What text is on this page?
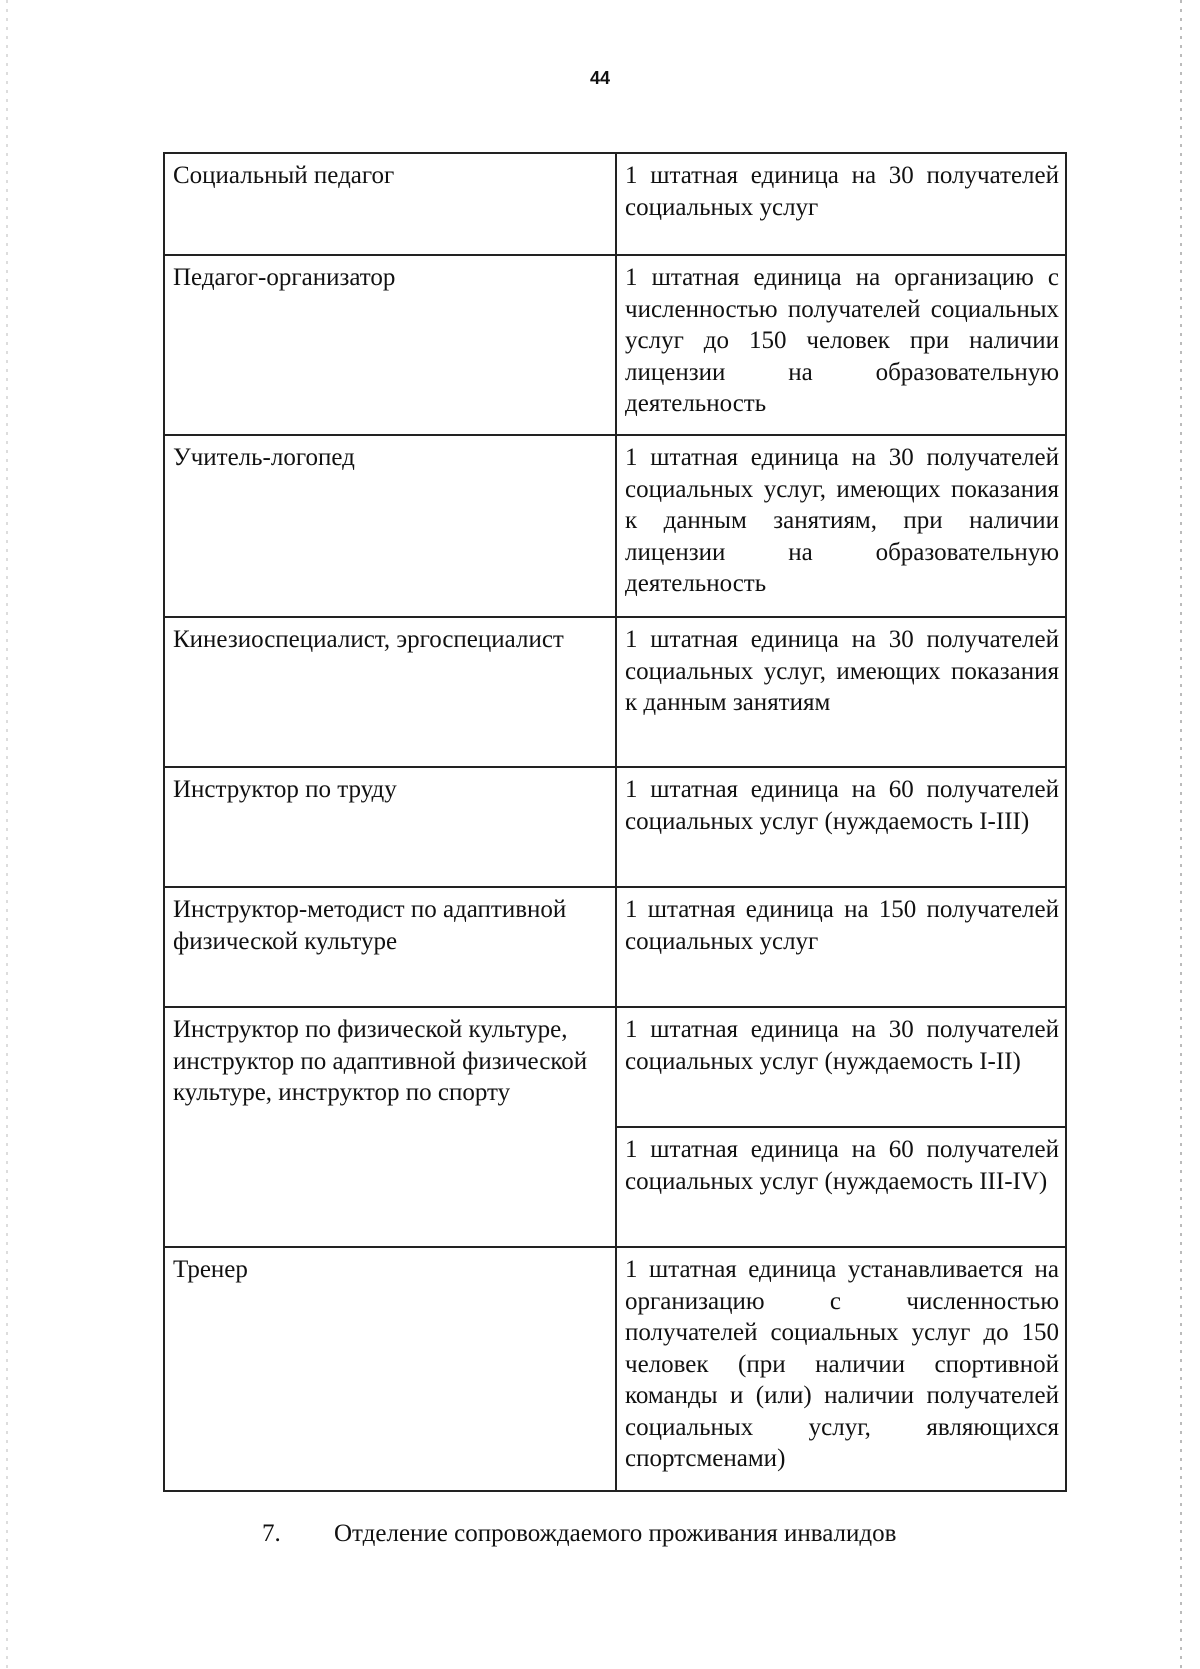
44
Социальный педагог	1 штатная единица на 30 получателей социальных услуг
Педагог-организатор	1 штатная единица на организацию с численностью получателей социальных услуг до 150 человек при наличии лицензии на образовательную деятельность
Учитель-логопед	1 штатная единица на 30 получателей социальных услуг, имеющих показания к данным занятиям, при наличии лицензии на образовательную деятельность
Кинезиоспециалист, эргоспециалист	1 штатная единица на 30 получателей социальных услуг, имеющих показания к данным занятиям
Инструктор по труду	1 штатная единица на 60 получателей социальных услуг (нуждаемость I-III)
Инструктор-методист по адаптивной физической культуре	1 штатная единица на 150 получателей социальных услуг
Инструктор по физической культуре, инструктор по адаптивной физической культуре, инструктор по спорту	1 штатная единица на 30 получателей социальных услуг (нуждаемость I-II)
	1 штатная единица на 60 получателей социальных услуг (нуждаемость III-IV)
Тренер	1 штатная единица устанавливается на организацию с численностью получателей социальных услуг до 150 человек (при наличии спортивной команды и (или) наличии получателей социальных услуг, являющихся спортсменами)
7. Отделение сопровождаемого проживания инвалидов
